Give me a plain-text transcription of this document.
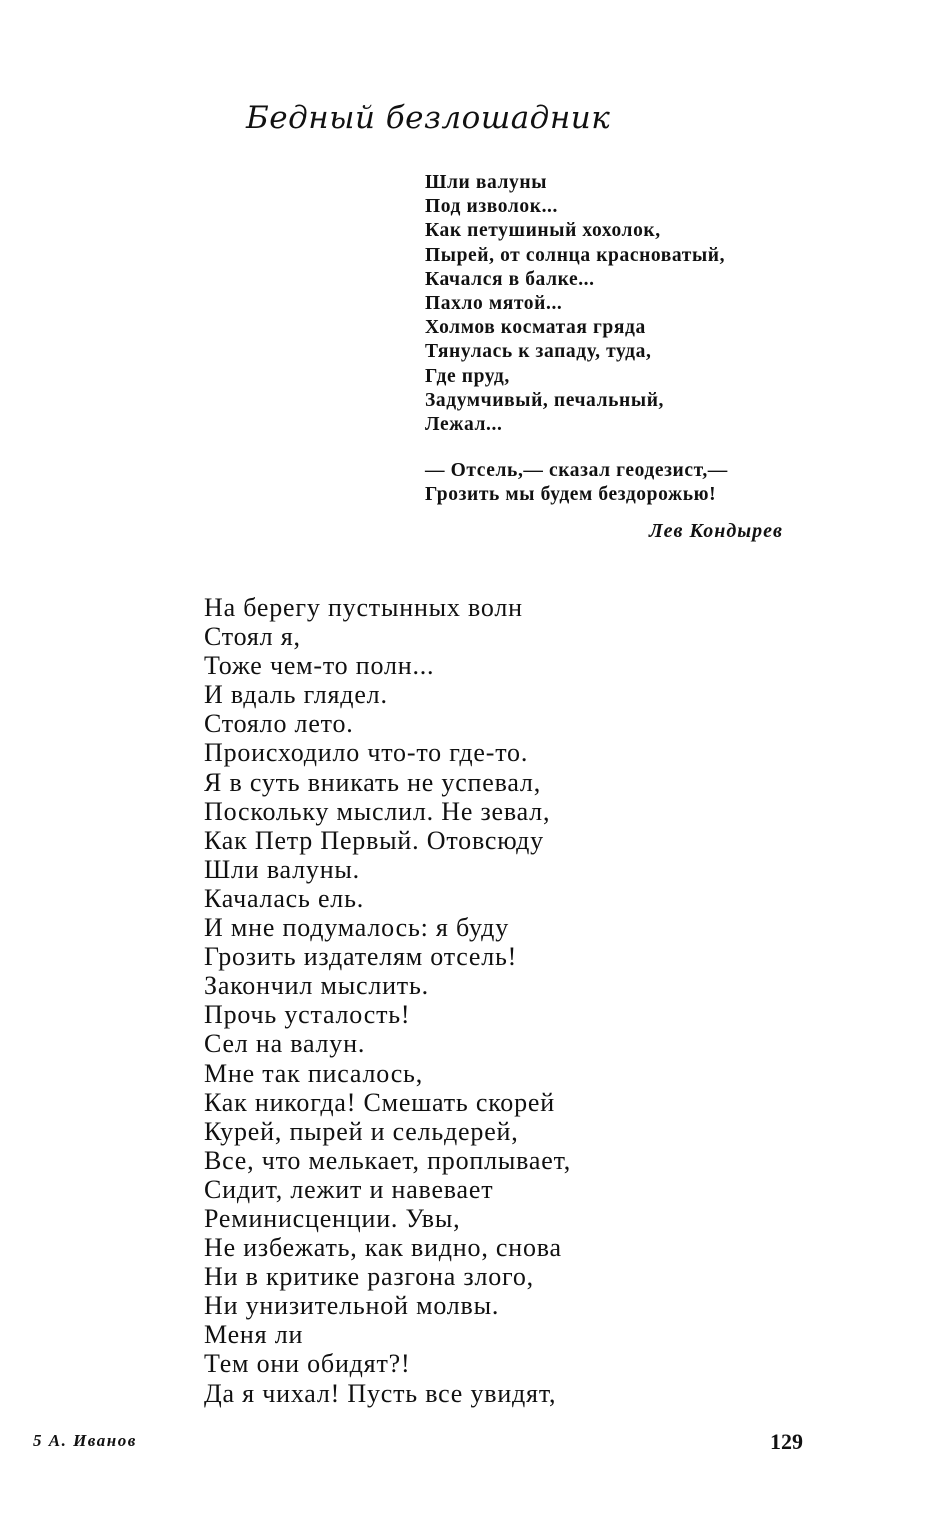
Бедный безлошадник
Шли валуны
Под изволок...
Как петушиный хохолок,
Пырей, от солнца красноватый,
Качался в балке...
Пахло мятой...
Холмов косматая гряда
Тянулась к западу, туда,
Где пруд,
Задумчивый, печальный,
Лежал...
— Отсель,— сказал геодезист,—
Грозить мы будем бездорожью!
Лев Кондырев
На берегу пустынных волн
Стоял я,
Тоже чем-то полн...
И вдаль глядел.
Стояло лето.
Происходило что-то где-то.
Я в суть вникать не успевал,
Поскольку мыслил. Не зевал,
Как Петр Первый. Отовсюду
Шли валуны.
Качалась ель.
И мне подумалось: я буду
Грозить издателям отсель!
Закончил мыслить.
Прочь усталость!
Сел на валун.
Мне так писалось,
Как никогда! Смешать скорей
Курей, пырей и сельдерей,
Все, что мелькает, проплывает,
Сидит, лежит и навевает
Реминисценции. Увы,
Не избежать, как видно, снова
Ни в критике разгона злого,
Ни унизительной молвы.
Меня ли
Тем они обидят?!
Да я чихал! Пусть все увидят,
5 А. Иванов	129
